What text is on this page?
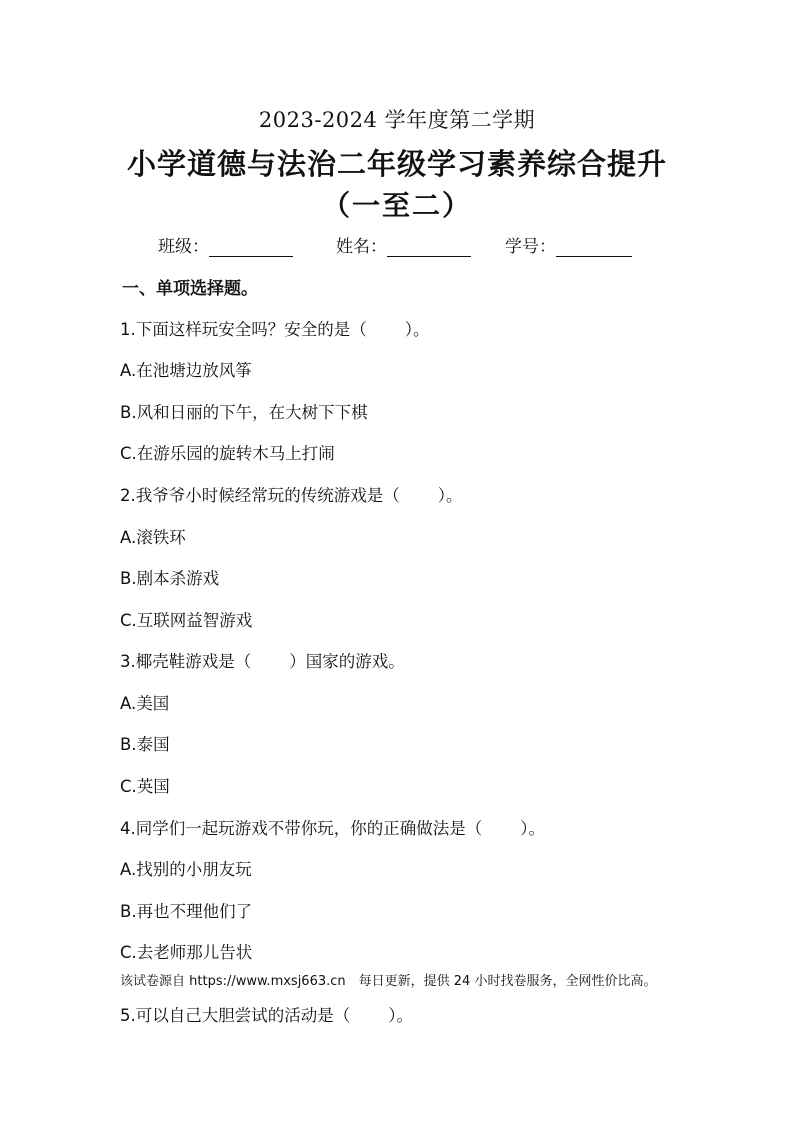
2023-2024 学年度第二学期
小学道德与法治二年级学习素养综合提升
（一至二）
班级：	姓名：	学号：
一、单项选择题。
1.下面这样玩安全吗？安全的是（ ）。
A.在池塘边放风筝
B.风和日丽的下午，在大树下下棋
C.在游乐园的旋转木马上打闹
2.我爷爷小时候经常玩的传统游戏是（ ）。
A.滚铁环
B.剧本杀游戏
C.互联网益智游戏
3.椰壳鞋游戏是（ ）国家的游戏。
A.美国
B.泰国
C.英国
4.同学们一起玩游戏不带你玩，你的正确做法是（ ）。
A.找别的小朋友玩
B.再也不理他们了
C.去老师那儿告状
该试卷源自 https://www.mxsj663.cn　每日更新，提供 24 小时找卷服务，全网性价比高。
5.可以自己大胆尝试的活动是（ ）。
